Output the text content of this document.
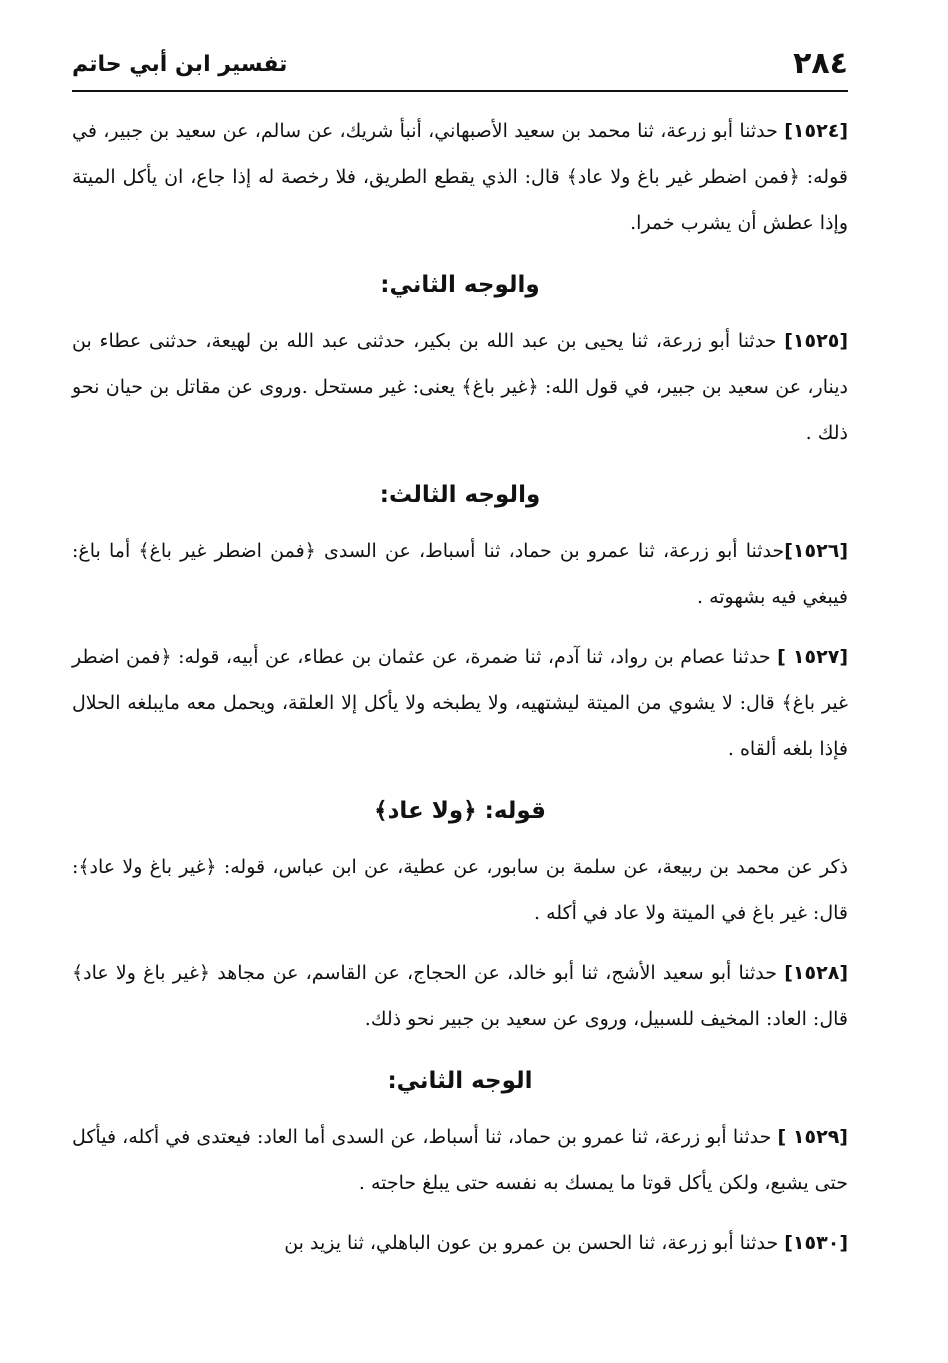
٢٨٤
تفسير ابن أبي حاتم

[١٥٢٤] حدثنا أبو زرعة، ثنا محمد بن سعيد الأصبهاني، أنبأ شريك، عن سالم، عن سعيد بن جبير، في قوله: ﴿فمن اضطر غير باغ ولا عاد﴾ قال: الذي يقطع الطريق، فلا رخصة له إذا جاع، ان يأكل الميتة وإذا عطش أن يشرب خمرا.

والوجه الثاني:

[١٥٢٥] حدثنا أبو زرعة، ثنا يحيى بن عبد الله بن بكير، حدثنى عبد الله بن لهيعة، حدثنى عطاء بن دينار، عن سعيد بن جبير، في قول الله: ﴿غير باغ﴾ يعنى: غير مستحل .وروى عن مقاتل بن حيان نحو ذلك .

والوجه الثالث:

[١٥٢٦]حدثنا أبو زرعة، ثنا عمرو بن حماد، ثنا أسباط، عن السدى ﴿فمن اضطر غير باغ﴾ أما باغ: فيبغي فيه بشهوته .

[١٥٢٧ ] حدثنا عصام بن رواد، ثنا آدم، ثنا ضمرة، عن عثمان بن عطاء، عن أبيه، قوله: ﴿فمن اضطر غير باغ﴾ قال: لا يشوي من الميتة ليشتهيه، ولا يطبخه ولا يأكل إلا العلقة، ويحمل معه مايبلغه الحلال فإذا بلغه ألقاه .

قوله: ﴿ولا عاد﴾

ذكر عن محمد بن ربيعة، عن سلمة بن سابور، عن عطية، عن ابن عباس، قوله: ﴿غير باغ ولا عاد﴾: قال: غير باغ في الميتة ولا عاد في أكله .

[١٥٢٨] حدثنا أبو سعيد الأشج، ثنا أبو خالد، عن الحجاج، عن القاسم، عن مجاهد ﴿غير باغ ولا عاد﴾ قال: العاد: المخيف للسبيل، وروى عن سعيد بن جبير نحو ذلك.

الوجه الثاني:

[١٥٢٩ ] حدثنا أبو زرعة، ثنا عمرو بن حماد، ثنا أسباط، عن السدى أما العاد: فيعتدى في أكله، فيأكل حتى يشبع، ولكن يأكل قوتا ما يمسك به نفسه حتى يبلغ حاجته .

[١٥٣٠] حدثنا أبو زرعة، ثنا الحسن بن عمرو بن عون الباهلي، ثنا يزيد بن
